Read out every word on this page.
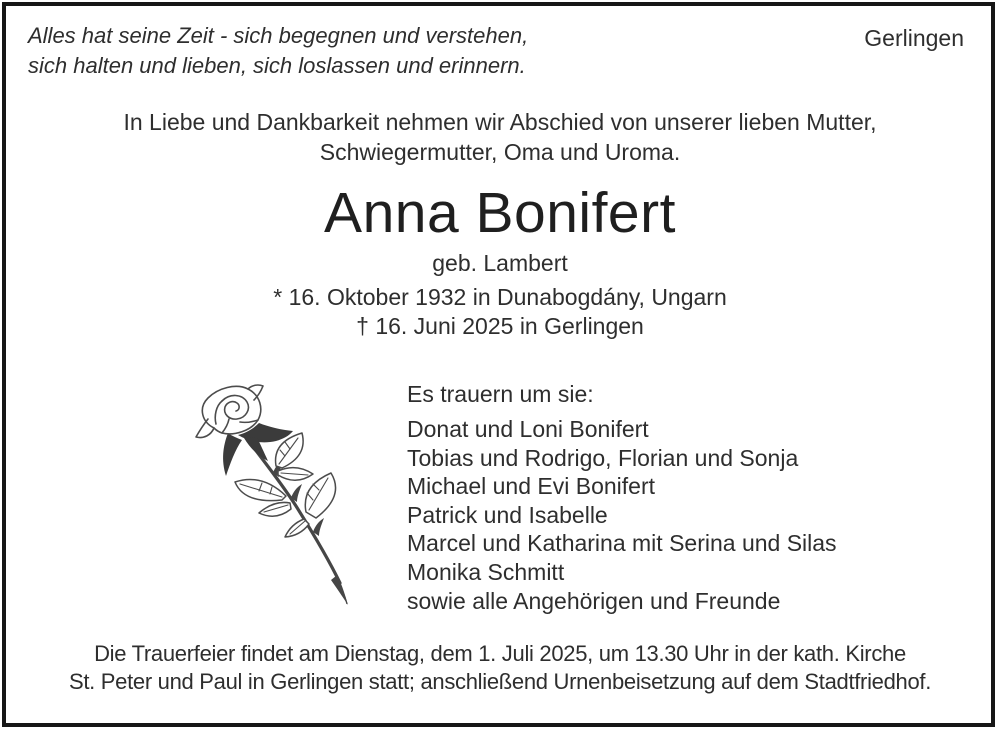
Alles hat seine Zeit - sich begegnen und verstehen,
sich halten und lieben, sich loslassen und erinnern.
Gerlingen
In Liebe und Dankbarkeit nehmen wir Abschied von unserer lieben Mutter,
Schwiegermutter, Oma und Uroma.
Anna Bonifert
geb. Lambert
* 16. Oktober 1932 in Dunabogdány, Ungarn
† 16. Juni 2025 in Gerlingen
Es trauern um sie:
Donat und Loni Bonifert
Tobias und Rodrigo, Florian und Sonja
Michael und Evi Bonifert
Patrick und Isabelle
Marcel und Katharina mit Serina und Silas
Monika Schmitt
sowie alle Angehörigen und Freunde
Die Trauerfeier findet am Dienstag, dem 1. Juli 2025, um 13.30 Uhr in der kath. Kirche
St. Peter und Paul in Gerlingen statt; anschließend Urnenbeisetzung auf dem Stadtfriedhof.
